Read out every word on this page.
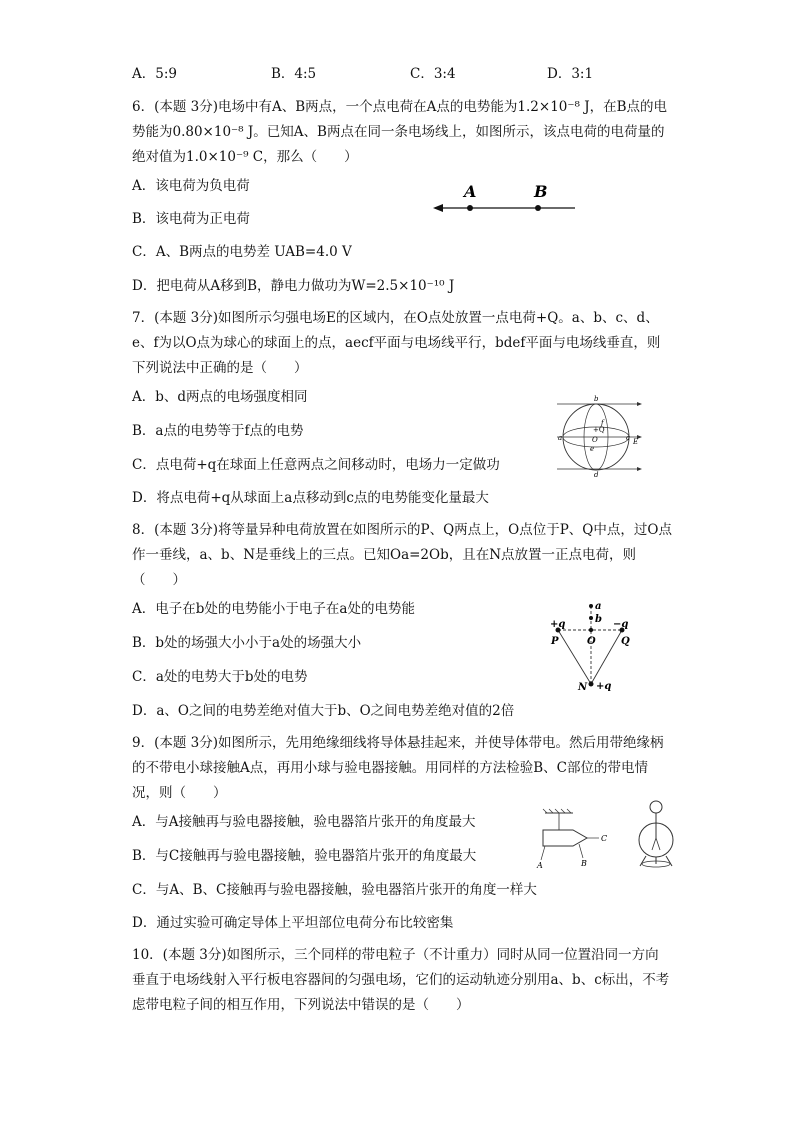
A．5:9	B．4:5	C．3:4	D．3:1
6．(本题 3分)电场中有A、B两点，一个点电荷在A点的电势能为1.2×10⁻⁸ J，在B点的电势能为0.80×10⁻⁸ J。已知A、B两点在同一条电场线上，如图所示，该点电荷的电荷量的绝对值为1.0×10⁻⁹ C，那么（　　）
A．该电荷为负电荷
B．该电荷为正电荷
C．A、B两点的电势差 UAB=4.0 V
D．把电荷从A移到B，静电力做功为W=2.5×10⁻¹⁰ J
A	B
7．(本题 3分)如图所示匀强电场E的区域内，在O点处放置一点电荷+Q。a、b、c、d、e、f为以O点为球心的球面上的点，aecf平面与电场线平行，bdef平面与电场线垂直，则下列说法中正确的是（　　）
A．b、d两点的电场强度相同
B．a点的电势等于f点的电势
C．点电荷+q在球面上任意两点之间移动时，电场力一定做功
D．将点电荷+q从球面上a点移动到c点的电势能变化量最大
b
d
a	c
e
f
O
+Q
E
8．(本题 3分)将等量异种电荷放置在如图所示的P、Q两点上，O点位于P、Q中点，过O点作一垂线，a、b、N是垂线上的三点。已知Oa=2Ob，且在N点放置一正点电荷，则（　　）
A．电子在b处的电势能小于电子在a处的电势能
B．b处的场强大小小于a处的场强大小
C．a处的电势大于b处的电势
D．a、O之间的电势差绝对值大于b、O之间电势差绝对值的2倍
a
b
+q	−q
P	O	Q
N +q
9．(本题 3分)如图所示，先用绝缘细线将导体悬挂起来，并使导体带电。然后用带绝缘柄的不带电小球接触A点，再用小球与验电器接触。用同样的方法检验B、C部位的带电情况，则（　　）
A．与A接触再与验电器接触，验电器箔片张开的角度最大
B．与C接触再与验电器接触，验电器箔片张开的角度最大
C．与A、B、C接触再与验电器接触，验电器箔片张开的角度一样大
D．通过实验可确定导体上平坦部位电荷分布比较密集
C
A	B
10．(本题 3分)如图所示，三个同样的带电粒子（不计重力）同时从同一位置沿同一方向垂直于电场线射入平行板电容器间的匀强电场，它们的运动轨迹分别用a、b、c标出，不考虑带电粒子间的相互作用，下列说法中错误的是（　　）
